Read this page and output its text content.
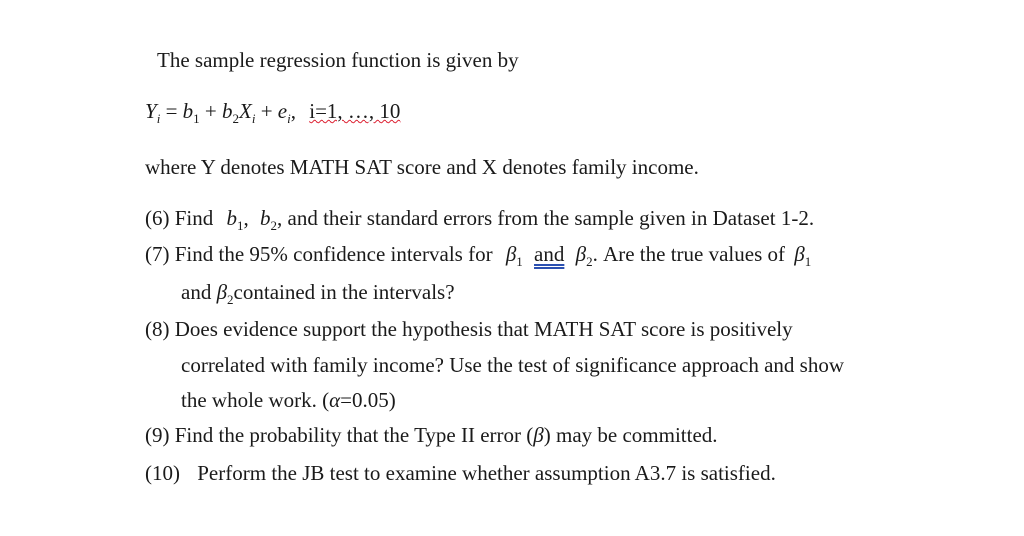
The sample regression function is given by
$Y_i = b_1 + b_2X_i + e_i$, i=1, …, 10
where Y denotes MATH SAT score and X denotes family income.
(6) Find $b_1$, $b_2$, and their standard errors from the sample given in Dataset 1-2.
(7) Find the 95% confidence intervals for $\beta_1$ and $\beta_2$. Are the true values of $\beta_1$
and $\beta_2contained$ in the intervals?
(8) Does evidence support the hypothesis that MATH SAT score is positively
correlated with family income? Use the test of significance approach and show
the whole work. (α=0.05)
(9) Find the probability that the Type II error (β) may be committed.
(10) Perform the JB test to examine whether assumption A3.7 is satisfied.
